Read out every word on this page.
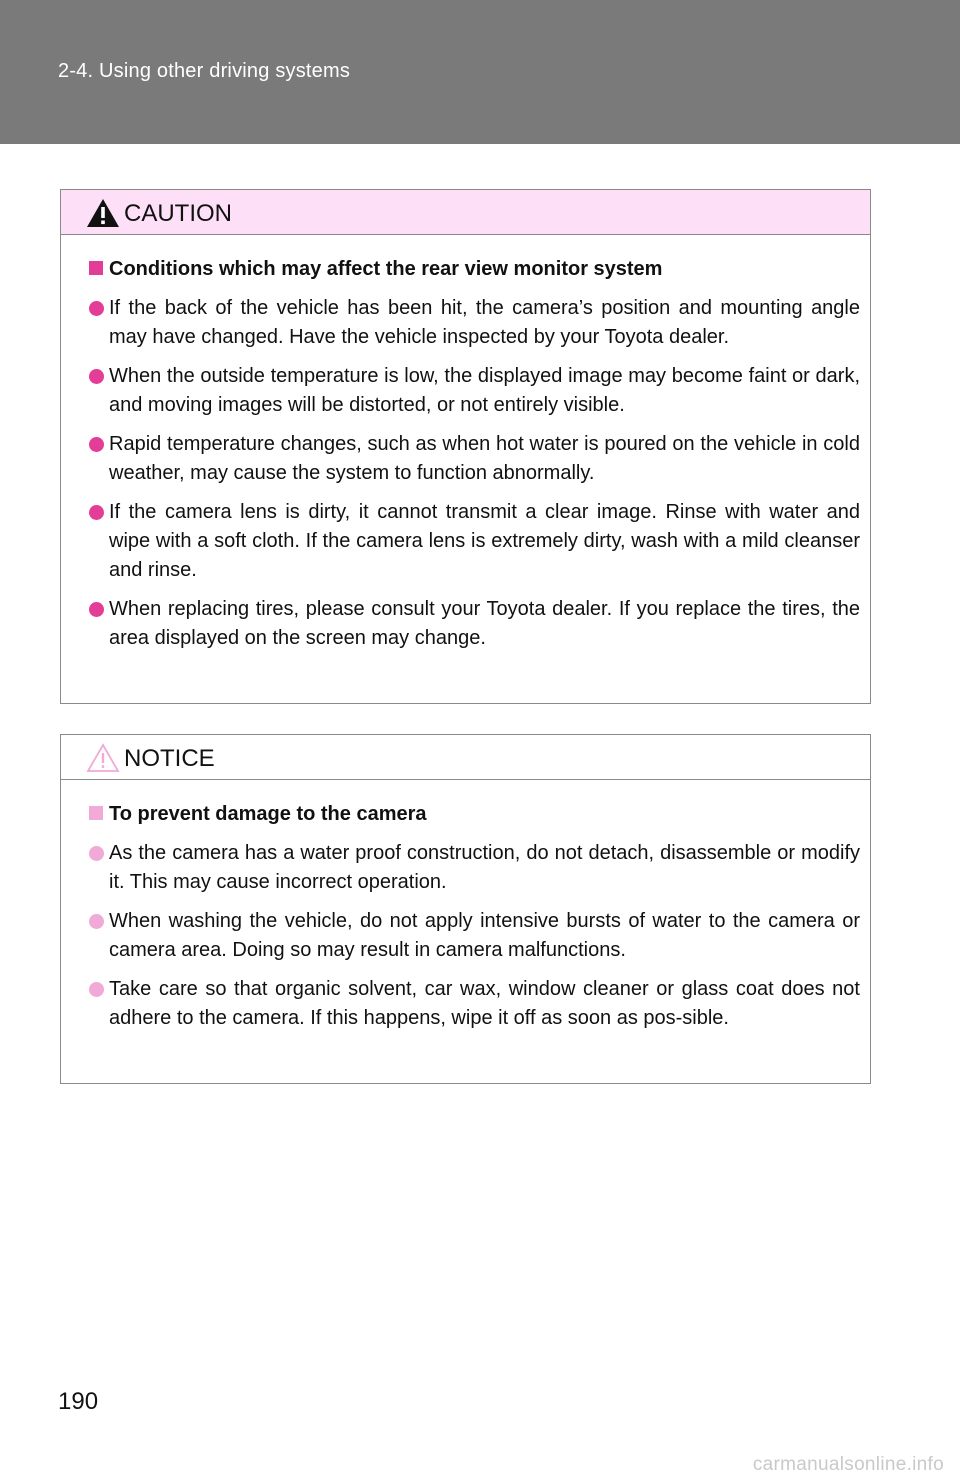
2-4. Using other driving systems
CAUTION
Conditions which may affect the rear view monitor system
If the back of the vehicle has been hit, the camera’s position and mounting angle may have changed. Have the vehicle inspected by your Toyota dealer.
When the outside temperature is low, the displayed image may become faint or dark, and moving images will be distorted, or not entirely visible.
Rapid temperature changes, such as when hot water is poured on the vehicle in cold weather, may cause the system to function abnormally.
If the camera lens is dirty, it cannot transmit a clear image. Rinse with water and wipe with a soft cloth. If the camera lens is extremely dirty, wash with a mild cleanser and rinse.
When replacing tires, please consult your Toyota dealer. If you replace the tires, the area displayed on the screen may change.
NOTICE
To prevent damage to the camera
As the camera has a water proof construction, do not detach, disassemble or modify it. This may cause incorrect operation.
When washing the vehicle, do not apply intensive bursts of water to the camera or camera area. Doing so may result in camera malfunctions.
Take care so that organic solvent, car wax, window cleaner or glass coat does not adhere to the camera. If this happens, wipe it off as soon as pos-sible.
190
carmanualsonline.info
